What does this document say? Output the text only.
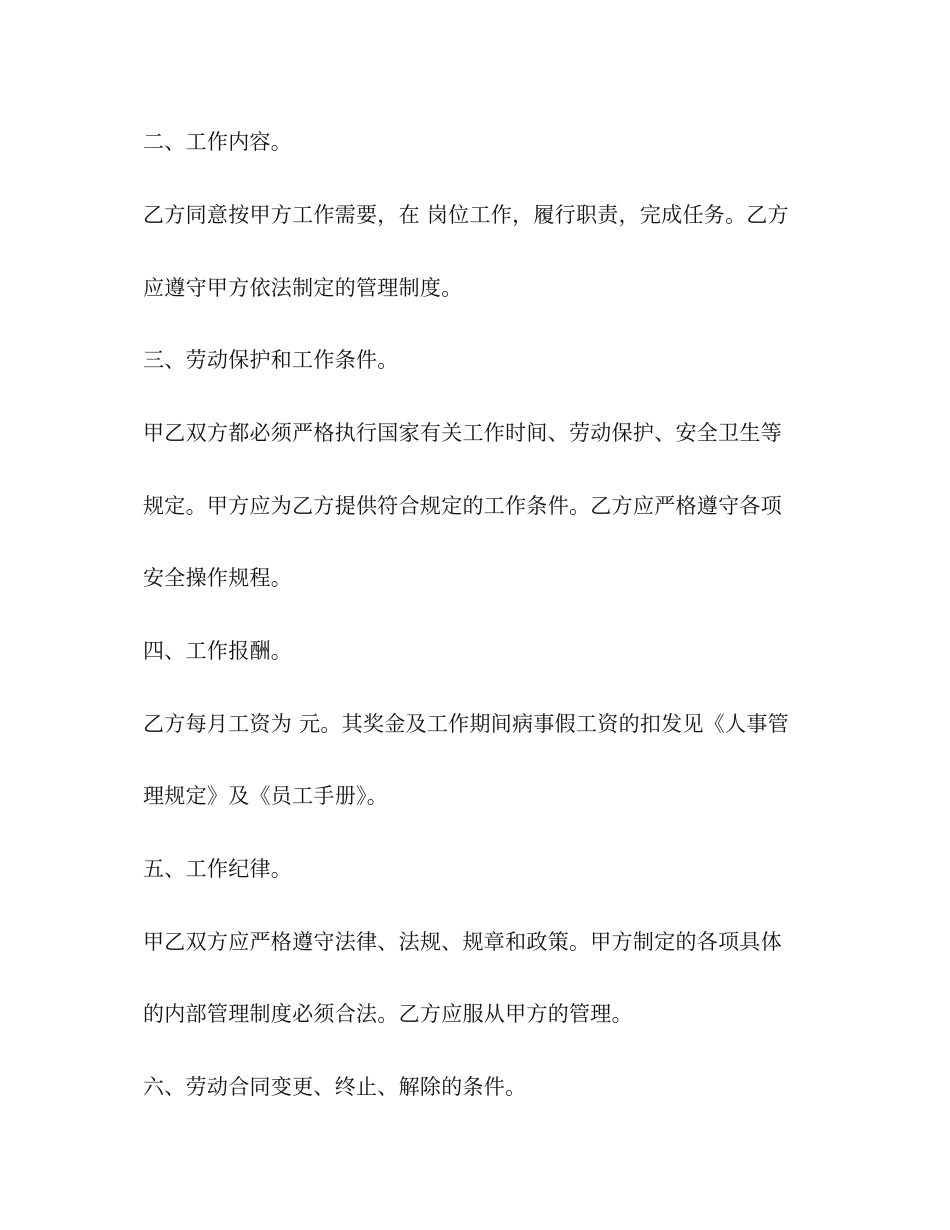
二、工作内容。

乙方同意按甲方工作需要，在 岗位工作，履行职责，完成任务。乙方

应遵守甲方依法制定的管理制度。

三、劳动保护和工作条件。

甲乙双方都必须严格执行国家有关工作时间、劳动保护、安全卫生等

规定。甲方应为乙方提供符合规定的工作条件。乙方应严格遵守各项

安全操作规程。

四、工作报酬。

乙方每月工资为 元。其奖金及工作期间病事假工资的扣发见《人事管

理规定》及《员工手册》。

五、工作纪律。

甲乙双方应严格遵守法律、法规、规章和政策。甲方制定的各项具体

的内部管理制度必须合法。乙方应服从甲方的管理。

六、劳动合同变更、终止、解除的条件。
